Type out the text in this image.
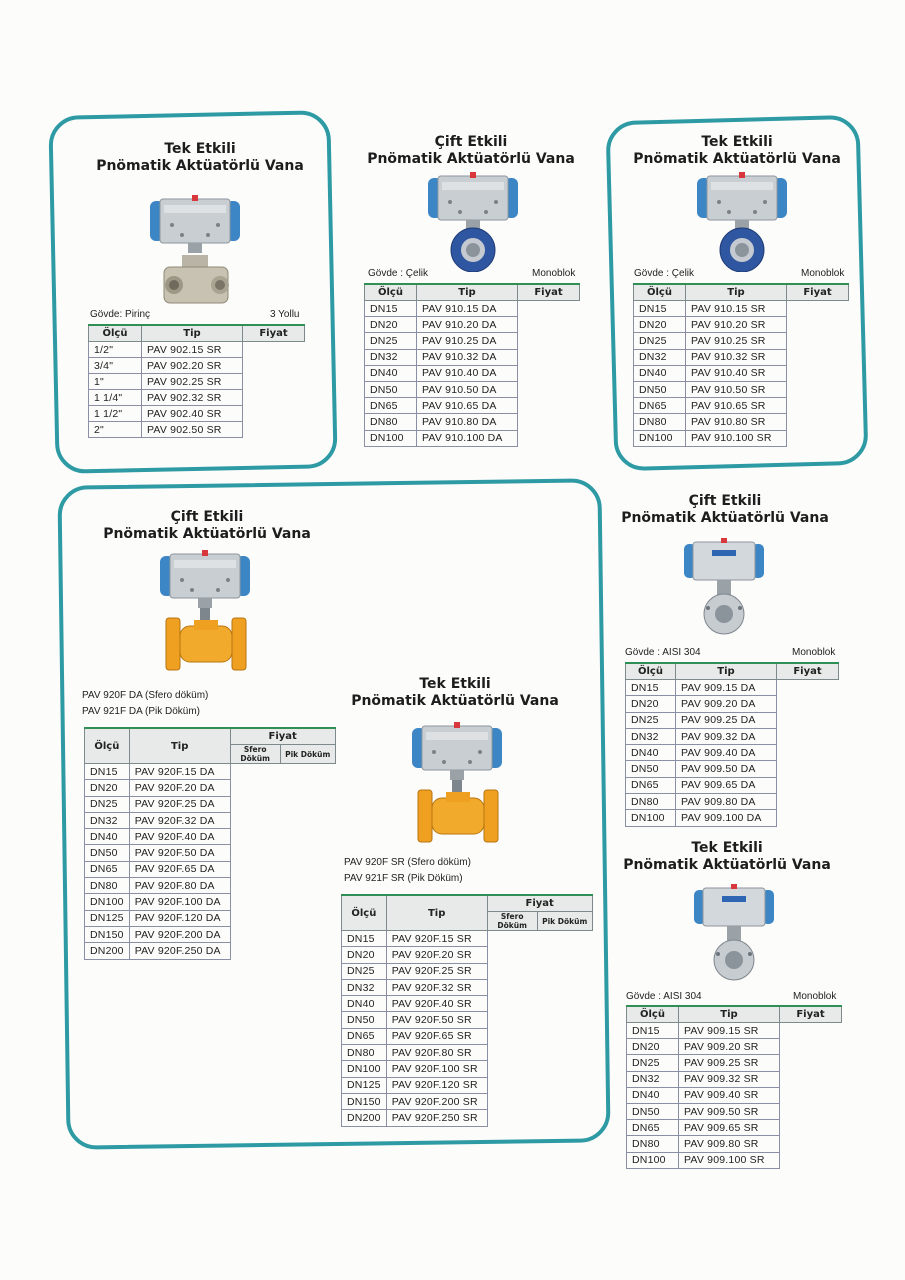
Tek Etkili
Pnömatik Aktüatörlü Vana
Gövde: Pirinç	3 Yollu
Ölçü	Tip	Fiyat
1/2"	PAV 902.15 SR	
3/4"	PAV 902.20 SR	
1"	PAV 902.25 SR	
1 1/4"	PAV 902.32 SR	
1 1/2"	PAV 902.40 SR	
2"	PAV 902.50 SR	
Çift Etkili
Pnömatik Aktüatörlü Vana
Gövde : Çelik	Monoblok
Ölçü	Tip	Fiyat
DN15	PAV 910.15 DA	
DN20	PAV 910.20 DA	
DN25	PAV 910.25 DA	
DN32	PAV 910.32 DA	
DN40	PAV 910.40 DA	
DN50	PAV 910.50 DA	
DN65	PAV 910.65 DA	
DN80	PAV 910.80 DA	
DN100	PAV 910.100 DA	
Tek Etkili
Pnömatik Aktüatörlü Vana
Gövde : Çelik	Monoblok
Ölçü	Tip	Fiyat
DN15	PAV 910.15 SR	
DN20	PAV 910.20 SR	
DN25	PAV 910.25 SR	
DN32	PAV 910.32 SR	
DN40	PAV 910.40 SR	
DN50	PAV 910.50 SR	
DN65	PAV 910.65 SR	
DN80	PAV 910.80 SR	
DN100	PAV 910.100 SR	
Çift Etkili
Pnömatik Aktüatörlü Vana
PAV 920F DA (Sfero döküm)
PAV 921F DA (Pik Döküm)
Ölçü	Tip	Fiyat	
		Sfero Döküm	Pik Döküm
DN15	PAV 920F.15 DA		
DN20	PAV 920F.20 DA		
DN25	PAV 920F.25 DA		
DN32	PAV 920F.32 DA		
DN40	PAV 920F.40 DA		
DN50	PAV 920F.50 DA		
DN65	PAV 920F.65 DA		
DN80	PAV 920F.80 DA		
DN100	PAV 920F.100 DA		
DN125	PAV 920F.120 DA		
DN150	PAV 920F.200 DA		
DN200	PAV 920F.250 DA		
Tek Etkili
Pnömatik Aktüatörlü Vana
PAV 920F SR (Sfero döküm)
PAV 921F SR (Pik Döküm)
Ölçü	Tip	Fiyat	
		Sfero Döküm	Pik Döküm
DN15	PAV 920F.15 SR		
DN20	PAV 920F.20 SR		
DN25	PAV 920F.25 SR		
DN32	PAV 920F.32 SR		
DN40	PAV 920F.40 SR		
DN50	PAV 920F.50 SR		
DN65	PAV 920F.65 SR		
DN80	PAV 920F.80 SR		
DN100	PAV 920F.100 SR		
DN125	PAV 920F.120 SR		
DN150	PAV 920F.200 SR		
DN200	PAV 920F.250 SR		
Çift Etkili
Pnömatik Aktüatörlü Vana
Gövde : AISI 304	Monoblok
Ölçü	Tip	Fiyat
DN15	PAV 909.15 DA	
DN20	PAV 909.20 DA	
DN25	PAV 909.25 DA	
DN32	PAV 909.32 DA	
DN40	PAV 909.40 DA	
DN50	PAV 909.50 DA	
DN65	PAV 909.65 DA	
DN80	PAV 909.80 DA	
DN100	PAV 909.100 DA	
Tek Etkili
Pnömatik Aktüatörlü Vana
Gövde : AISI 304	Monoblok
Ölçü	Tip	Fiyat
DN15	PAV 909.15 SR	
DN20	PAV 909.20 SR	
DN25	PAV 909.25 SR	
DN32	PAV 909.32 SR	
DN40	PAV 909.40 SR	
DN50	PAV 909.50 SR	
DN65	PAV 909.65 SR	
DN80	PAV 909.80 SR	
DN100	PAV 909.100 SR	
